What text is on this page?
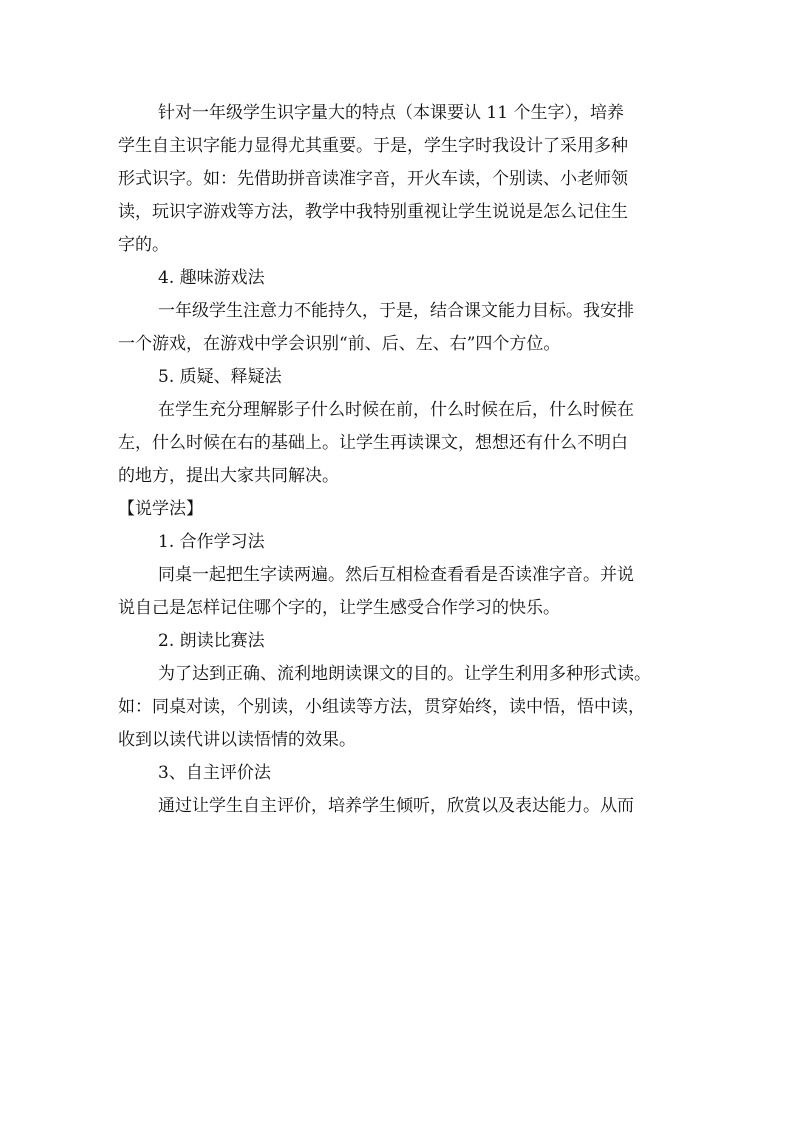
针对一年级学生识字量大的特点（本课要认 11 个生字），培养
学生自主识字能力显得尤其重要。于是，学生字时我设计了采用多种
形式识字。如：先借助拼音读准字音，开火车读，个别读、小老师领
读，玩识字游戏等方法，教学中我特别重视让学生说说是怎么记住生
字的。
4. 趣味游戏法
一年级学生注意力不能持久，于是，结合课文能力目标。我安排
一个游戏，在游戏中学会识别“前、后、左、右”四个方位。
5. 质疑、释疑法
在学生充分理解影子什么时候在前，什么时候在后，什么时候在
左，什么时候在右的基础上。让学生再读课文，想想还有什么不明白
的地方，提出大家共同解决。
【说学法】
1. 合作学习法
同桌一起把生字读两遍。然后互相检查看看是否读准字音。并说
说自己是怎样记住哪个字的，让学生感受合作学习的快乐。
2. 朗读比赛法
为了达到正确、流利地朗读课文的目的。让学生利用多种形式读。
如：同桌对读，个别读，小组读等方法，贯穿始终，读中悟，悟中读，
收到以读代讲以读悟情的效果。
3、自主评价法
通过让学生自主评价，培养学生倾听，欣赏以及表达能力。从而
